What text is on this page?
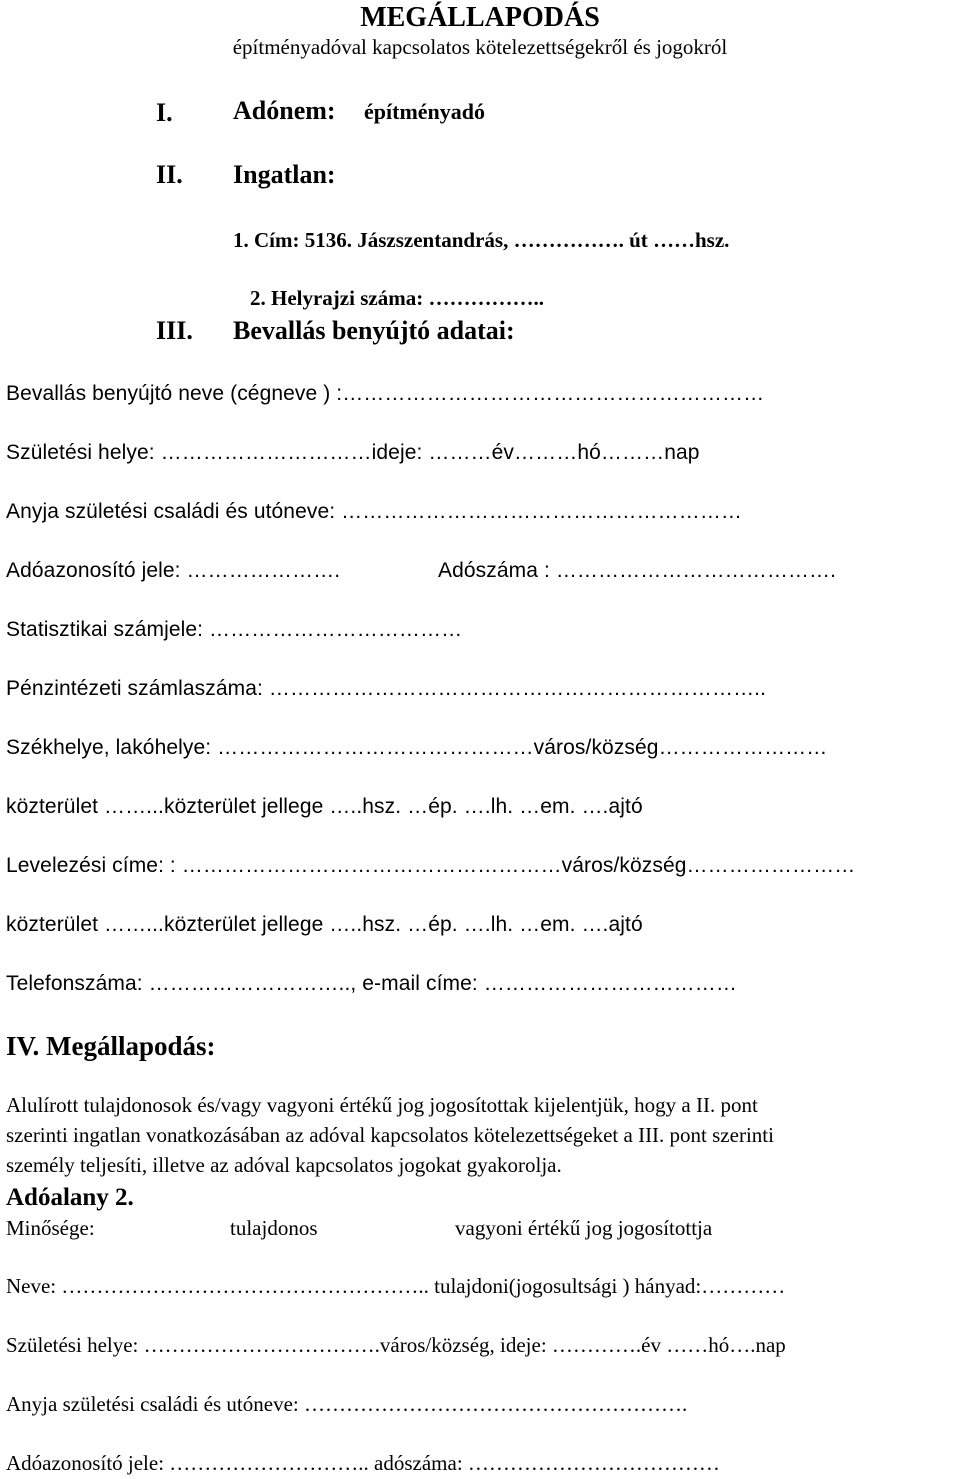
MEGÁLLAPODÁS
építményadóval kapcsolatos kötelezettségekről és jogokról
I. Adónem: építményadó
II. Ingatlan:
1. Cím: 5136. Jászszentandrás, ……………. út ……hsz.
2. Helyrajzi száma: ……………..
III. Bevallás benyújtó adatai:
Bevallás benyújtó neve (cégneve ) :……………………………………………………
Születési helye: …………………………ideje: ………év………hó………nap
Anyja születési családi és utóneve: …………………………………………………
Adóazonosító jele: ………………….	Adószáma : ………………………………….
Statisztikai számjele: ………………………………
Pénzintézeti számlaszáma: ……………………………………………………………..
Székhelye, lakóhelye: ………………………………………város/község……………………
közterület ……...közterület jellege …..hsz. …ép. ….lh. …em. ….ajtó
Levelezési címe: : ………………………………………………város/község……………………
közterület ……...közterület jellege …..hsz. …ép. ….lh. …em. ….ajtó
Telefonszáma: ……………………….., e-mail címe: ………………………………
IV. Megállapodás:
Alulírott tulajdonosok és/vagy vagyoni értékű jog jogosítottak kijelentjük, hogy a II. pont
szerinti ingatlan vonatkozásában az adóval kapcsolatos kötelezettségeket a III. pont szerinti
személy teljesíti, illetve az adóval kapcsolatos jogokat gyakorolja.
Adóalany 2.
Minősége:	tulajdonos	vagyoni értékű jog jogosítottja
Neve: …………………………………………….. tulajdoni(jogosultsági ) hányad:…………
Születési helye: …………………………….város/község, ideje: ………….év ……hó….nap
Anyja születési családi és utóneve: ……………………………………………….
Adóazonosító jele: ……………………….. adószáma: ………………………………
